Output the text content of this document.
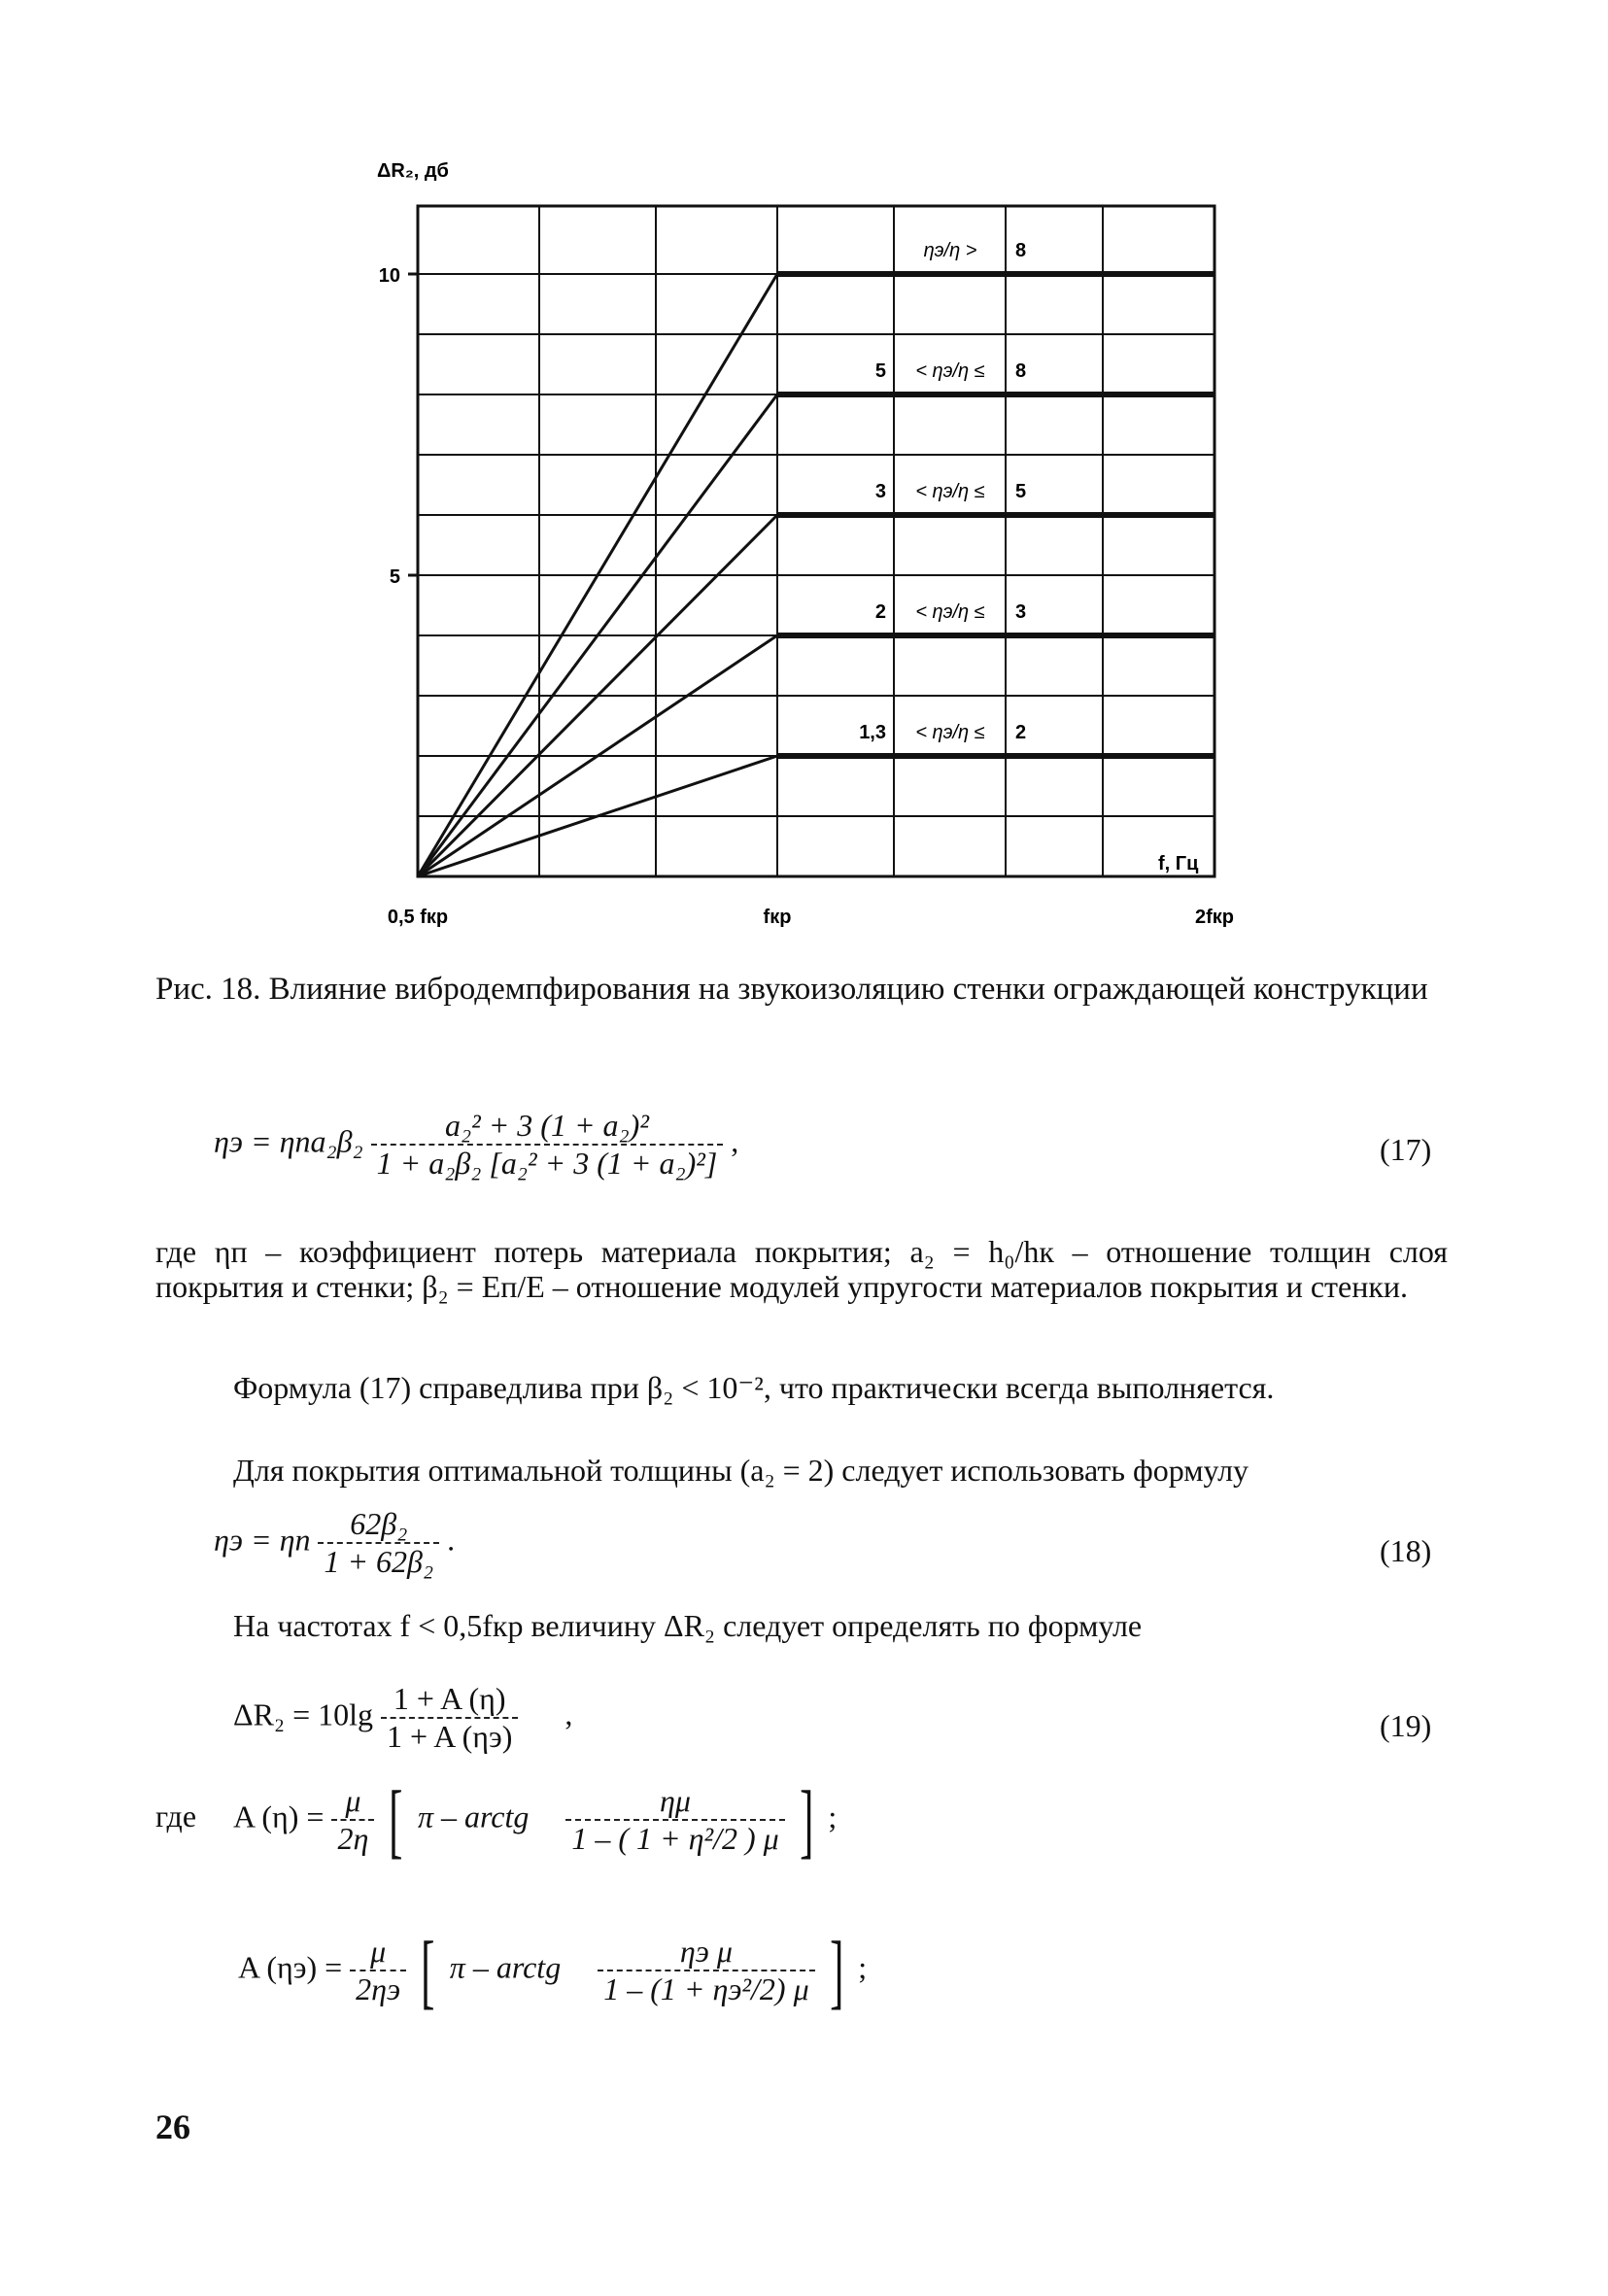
ΔR₂, дб
f, Гц
ηэ/η > 8
5 < ηэ/η ≤ 8
3 < ηэ/η ≤ 5
2 < ηэ/η ≤ 3
1,3 < ηэ/η ≤ 2
10
5
0,5 fкр	fкр	2fкр
Рис. 18. Влияние вибродемпфирования на звукоизоляцию стенки ограждающей конструкции
$\eta э = \eta па_2\beta_2 \frac{\text{a₂² + 3 (1 + a₂)²}}{\text{1 + a₂β₂ [a₂² + 3 (1 + a₂)²]}}$ ,	(17)
где ηп – коэффициент потерь материала покрытия; a₂ = h₀/hк – отношение толщин слоя покрытия и стенки; β₂ = Eп/E – отношение модулей упругости материалов покрытия и стенки.
Формула (17) справедлива при β₂ < 10⁻², что практически всегда выполняется.
Для покрытия оптимальной толщины (a₂ = 2) следует использовать формулу
ηэ = ηп $\frac{\text{62β₂}}{\text{1 + 62β₂}}$ .	(18)
На частотах f < 0,5fкр величину ΔR₂ следует определять по формуле
$\Delta R_2 = 10\lg \frac{1 + A (\eta)}{1 + A (\eta э)}$ ,	(19)
где A $(\eta) = \frac{\mu}{2\eta}$ [ π – arctg $\frac{\eta\mu}{\text{1 – ( 1 + η²/2 ) μ}}$ ] ;
A $(\eta э) = \frac{\mu}{2\eta э}$ [ π – arctg $\frac{\text{ηэ μ}}{\text{1 – (1 + ηэ²/2) μ}}$ ] ;
26
